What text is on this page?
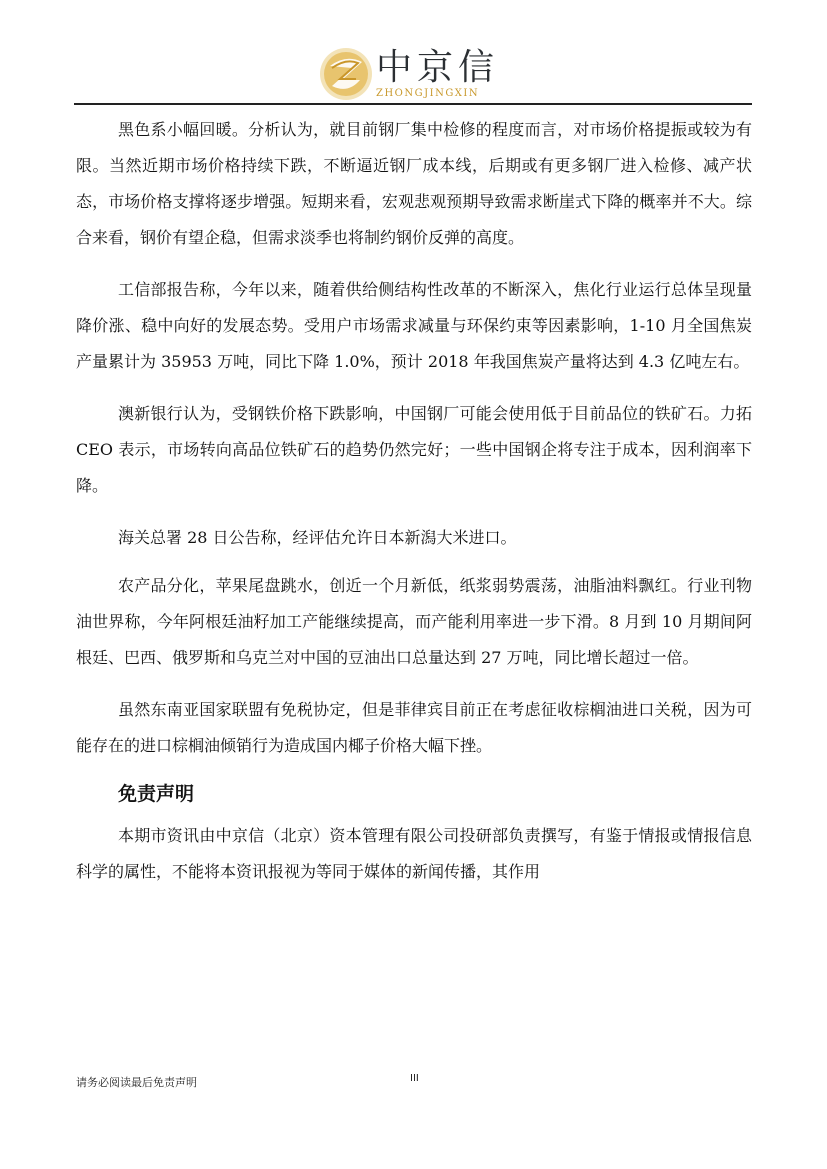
中京信
ZHONGJINGXIN

黑色系小幅回暖。分析认为，就目前钢厂集中检修的程度而言，对市场价格提振或较为有限。当然近期市场价格持续下跌，不断逼近钢厂成本线，后期或有更多钢厂进入检修、减产状态，市场价格支撑将逐步增强。短期来看，宏观悲观预期导致需求断崖式下降的概率并不大。综合来看，钢价有望企稳，但需求淡季也将制约钢价反弹的高度。

工信部报告称，今年以来，随着供给侧结构性改革的不断深入，焦化行业运行总体呈现量降价涨、稳中向好的发展态势。受用户市场需求减量与环保约束等因素影响，1-10 月全国焦炭产量累计为 35953 万吨，同比下降 1.0%，预计 2018 年我国焦炭产量将达到 4.3 亿吨左右。

澳新银行认为，受钢铁价格下跌影响，中国钢厂可能会使用低于目前品位的铁矿石。力拓 CEO 表示，市场转向高品位铁矿石的趋势仍然完好；一些中国钢企将专注于成本，因利润率下降。

海关总署 28 日公告称，经评估允许日本新潟大米进口。

农产品分化，苹果尾盘跳水，创近一个月新低，纸浆弱势震荡，油脂油料飘红。行业刊物油世界称，今年阿根廷油籽加工产能继续提高，而产能利用率进一步下滑。8 月到 10 月期间阿根廷、巴西、俄罗斯和乌克兰对中国的豆油出口总量达到 27 万吨，同比增长超过一倍。

虽然东南亚国家联盟有免税协定，但是菲律宾目前正在考虑征收棕榈油进口关税，因为可能存在的进口棕榈油倾销行为造成国内椰子价格大幅下挫。

免责声明

本期市资讯由中京信（北京）资本管理有限公司投研部负责撰写，有鉴于情报或情报信息科学的属性，不能将本资讯报视为等同于媒体的新闻传播，其作用

请务必阅读最后免责声明	III
